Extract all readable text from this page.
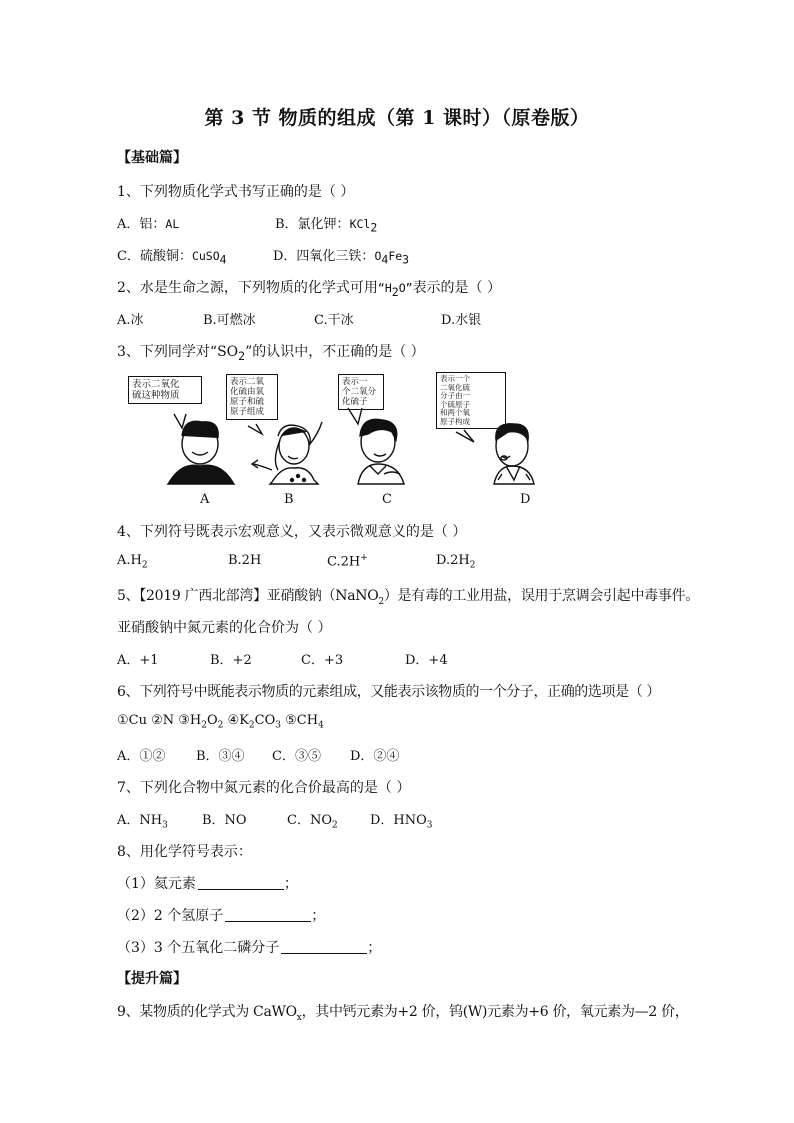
第 3 节 物质的组成（第 1 课时）（原卷版）
【基础篇】
1、下列物质化学式书写正确的是（ ）
A．铝：AL	B．氯化钾：KCl$_2$
C．硫酸铜：CuSO$_4$	D．四氧化三铁：$O_4Fe_3$
2、水是生命之源，下列物质的化学式可用“$H_2O$”表示的是（ ）
A.冰	B.可燃冰	C.干冰	D.水银
3、下列同学对“$SO_2$”的认识中，不正确的是（ ）
表示二氧化
硫这种物质
表示二氧
化硫由氧
原子和硫
原子组成
表示一
个二氧分
化硫子
表示一个
二氧化硫
分子由一
个硫原子
和两个氧
原子构成
A	B	C	D
4、下列符号既表示宏观意义，又表示微观意义的是（ ）
$A.H_2$	B.2H	C.2H+	$D.2H_2$
5、【2019 广西北部湾】亚硝酸钠（NaNO$_2$）是有毒的工业用盐，误用于烹调会引起中毒事件。
亚硝酸钠中氮元素的化合价为（ ）
A．+1	B．+2	C．+3	D．+4
6、下列符号中既能表示物质的元素组成，又能表示该物质的一个分子，正确的选项是（ ）
①Cu ②N $③H_2O_2$ $④K_2CO_3$ $⑤CH_4$
A．①② B．③④ C．③⑤ D．②④
7、下列化合物中氮元素的化合价最高的是（ ）
A．$NH_3$	B．NO	C．$NO_2$ D．$HNO_3$
8、用化学符号表示：
（1）氦元素	；
（2）2 个氢原子	；
（3）3 个五氧化二磷分子	；
【提升篇】
9、某物质的化学式为 CaWO$_x$，其中钙元素为+2 价，钨(W)元素为+6 价，氧元素为—2 价，
